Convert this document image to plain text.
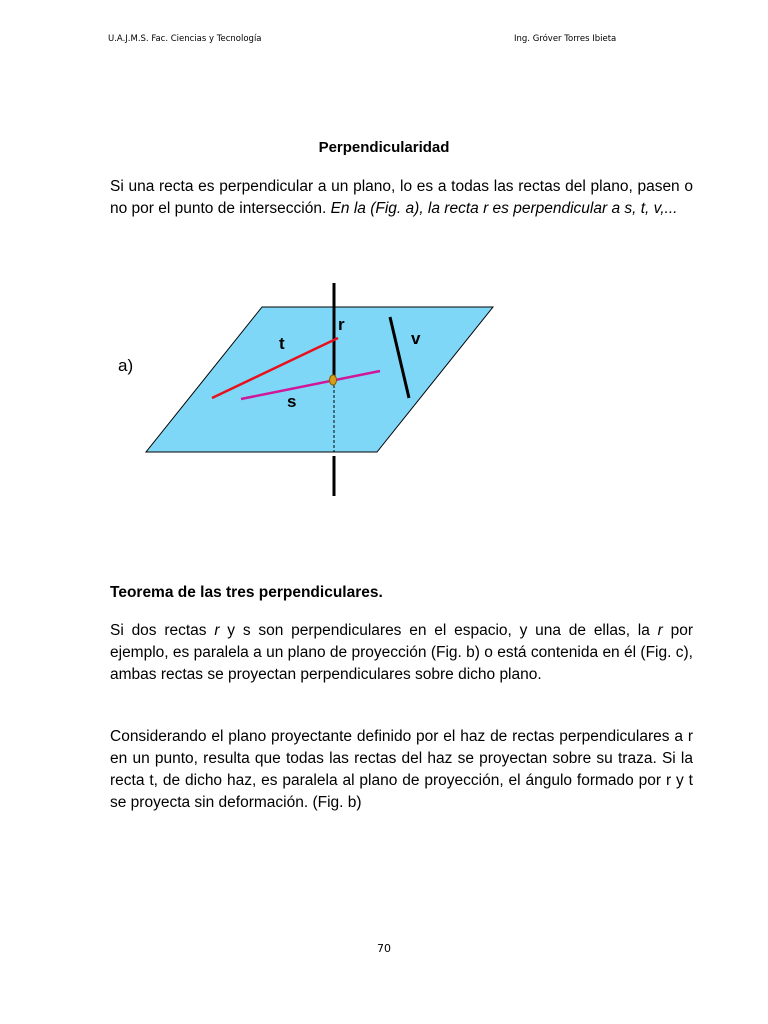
U.A.J.M.S. Fac. Ciencias y Tecnología	Ing. Gróver Torres Ibieta
Perpendicularidad

Si una recta es perpendicular a un plano, lo es a todas las rectas del plano, pasen o no por el punto de intersección. En la (Fig. a), la recta r es perpendicular a s, t, v,...

a)
r
t	v
s
Teorema de las tres perpendiculares.

Si dos rectas r y s son perpendiculares en el espacio, y una de ellas, la r por ejemplo, es paralela a un plano de proyección (Fig. b) o está contenida en él (Fig. c), ambas rectas se proyectan perpendiculares sobre dicho plano.

Considerando el plano proyectante definido por el haz de rectas perpendiculares a r en un punto, resulta que todas las rectas del haz se proyectan sobre su traza. Si la recta t, de dicho haz, es paralela al plano de proyección, el ángulo formado por r y t se proyecta sin deformación. (Fig. b)

70
